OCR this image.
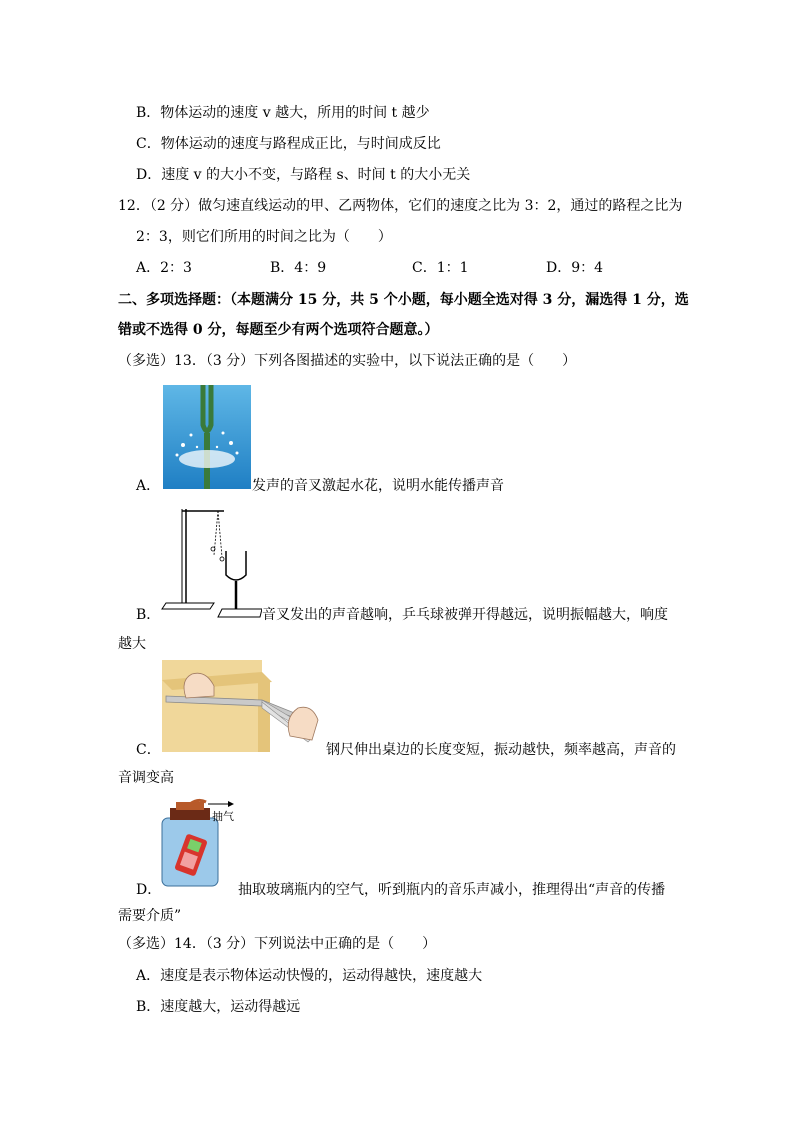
B．物体运动的速度 v 越大，所用的时间 t 越少
C．物体运动的速度与路程成正比，与时间成反比
D．速度 v 的大小不变，与路程 s、时间 t 的大小无关
12．（2 分）做匀速直线运动的甲、乙两物体，它们的速度之比为 3：2，通过的路程之比为
2：3，则它们所用的时间之比为（　　）
A．2：3	B．4：9	C．1：1	D．9：4
二、多项选择题：（本题满分 15 分，共 5 个小题，每小题全选对得 3 分，漏选得 1 分，选
错或不选得 0 分，每题至少有两个选项符合题意。）
（多选）13．（3 分）下列各图描述的实验中，以下说法正确的是（　　）
A．	发声的音叉激起水花，说明水能传播声音
B．	音叉发出的声音越响，乒乓球被弹开得越远，说明振幅越大，响度
越大
C．	钢尺伸出桌边的长度变短，振动越快，频率越高，声音的
音调变高
抽气
D．	抽取玻璃瓶内的空气，听到瓶内的音乐声减小，推理得出“声音的传播
需要介质”
（多选）14．（3 分）下列说法中正确的是（　　）
A．速度是表示物体运动快慢的，运动得越快，速度越大
B．速度越大，运动得越远
